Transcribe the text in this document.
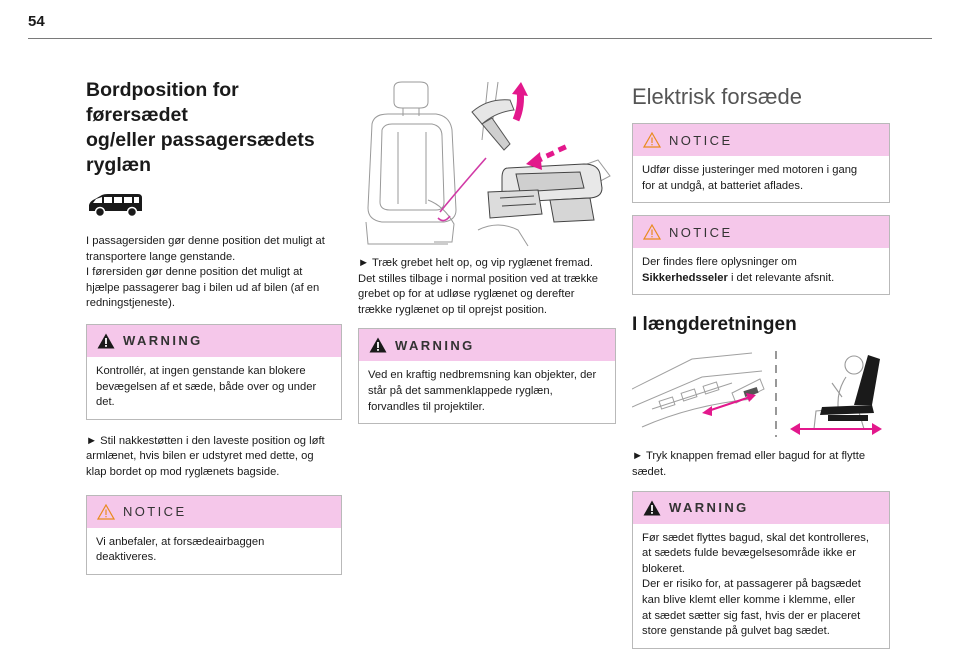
54
Bordposition for førersædet
og/eller passagersædets
ryglæn

I passagersiden gør denne position det muligt at
transportere lange genstande.
I førersiden gør denne position det muligt at
hjælpe passagerer bag i bilen ud af bilen (af en
redningstjeneste).

WARNING
Kontrollér, at ingen genstande kan blokere
bevægelsen af et sæde, både over og under
det.

► Stil nakkestøtten i den laveste position og løft
armlænet, hvis bilen er udstyret med dette, og
klap bordet op mod ryglænets bagside.

NOTICE
Vi anbefaler, at forsædeairbaggen
deaktiveres.

► Træk grebet helt op, og vip ryglænet fremad.
Det stilles tilbage i normal position ved at trække
grebet op for at udløse ryglænet og derefter
trække ryglænet op til oprejst position.

WARNING
Ved en kraftig nedbremsning kan objekter, der
står på det sammenklappede ryglæn,
forvandles til projektiler.
Elektrisk forsæde
NOTICE
Udfør disse justeringer med motoren i gang
for at undgå, at batteriet aflades.
NOTICE
Der findes flere oplysninger om
Sikkerhedsseler i det relevante afsnit.
I længderetningen

► Tryk knappen fremad eller bagud for at flytte
sædet.

WARNING
Før sædet flyttes bagud, skal det kontrolleres,
at sædets fulde bevægelsesområde ikke er
blokeret.
Der er risiko for, at passagerer på bagsædet
kan blive klemt eller komme i klemme, eller
at sædet sætter sig fast, hvis der er placeret
store genstande på gulvet bag sædet.
